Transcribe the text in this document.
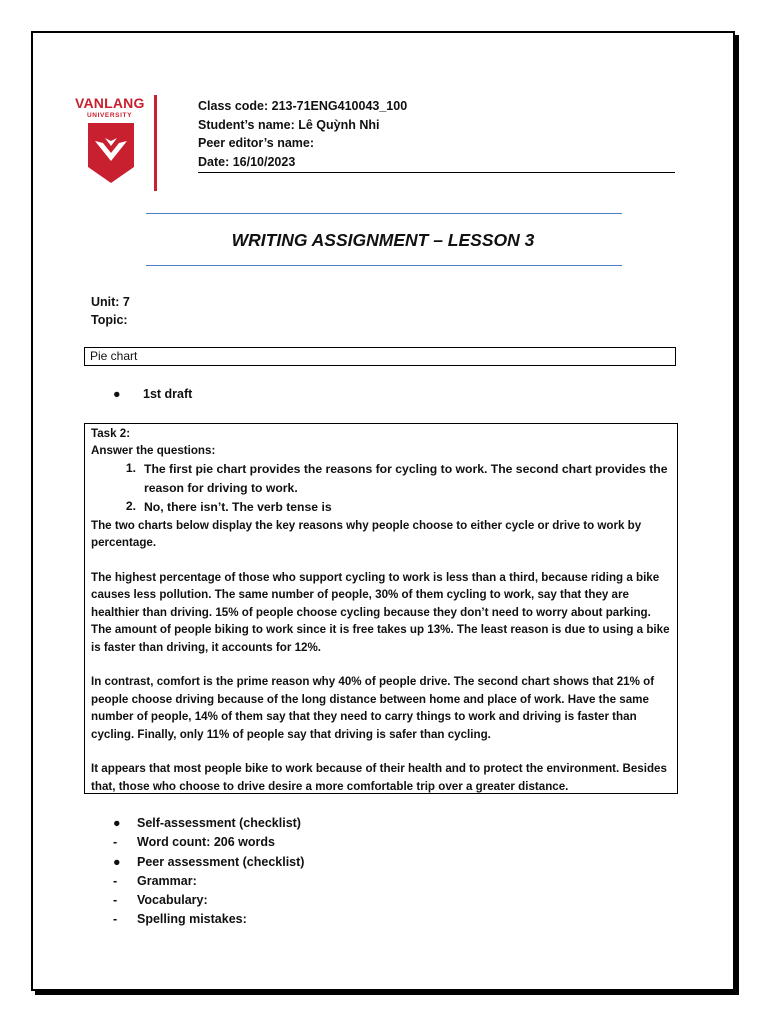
VANLANG
UNIVERSITY
Class code: 213-71ENG410043_100
Student’s name: Lê Quỳnh Nhi
Peer editor’s name:
Date: 16/10/2023
WRITING ASSIGNMENT – LESSON 3
Unit: 7
Topic:
Pie chart
● 1st draft

Task 2:

Answer the questions:

1. The first pie chart provides the reasons for cycling to work. The second chart provides the reason for driving to work.
2. No, there isn’t. The verb tense is

The two charts below display the key reasons why people choose to either cycle or drive to work by percentage.

The highest percentage of those who support cycling to work is less than a third, because riding a bike causes less pollution. The same number of people, 30% of them cycling to work, say that they are healthier than driving. 15% of people choose cycling because they don’t need to worry about parking. The amount of people biking to work since it is free takes up 13%. The least reason is due to using a bike is faster than driving, it accounts for 12%.

In contrast, comfort is the prime reason why 40% of people drive. The second chart shows that 21% of people choose driving because of the long distance between home and place of work. Have the same number of people, 14% of them say that they need to carry things to work and driving is faster than cycling. Finally, only 11% of people say that driving is safer than cycling.

It appears that most people bike to work because of their health and to protect the environment. Besides that, those who choose to drive desire a more comfortable trip over a greater distance.

●	Self-assessment (checklist)
-	Word count: 206 words
●	Peer assessment (checklist)
-	Grammar:
-	Vocabulary:
-	Spelling mistakes:
